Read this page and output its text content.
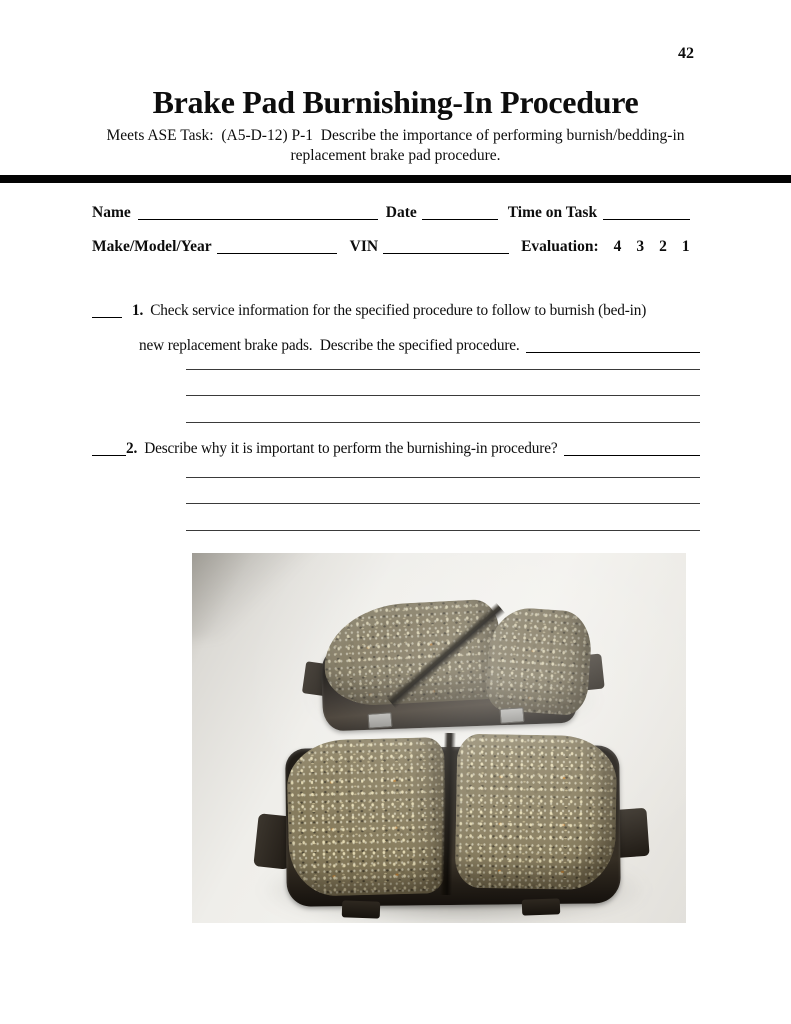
42
Brake Pad Burnishing-In Procedure
Meets ASE Task:  (A5-D-12) P-1  Describe the importance of performing burnish/bedding-in
replacement brake pad procedure.
Name	Date	Time on Task
Make/Model/Year	VIN	Evaluation: 4 3 2 1
1. Check service information for the specified procedure to follow to burnish (bed-in)
new replacement brake pads.  Describe the specified procedure.
2. Describe why it is important to perform the burnishing-in procedure?
